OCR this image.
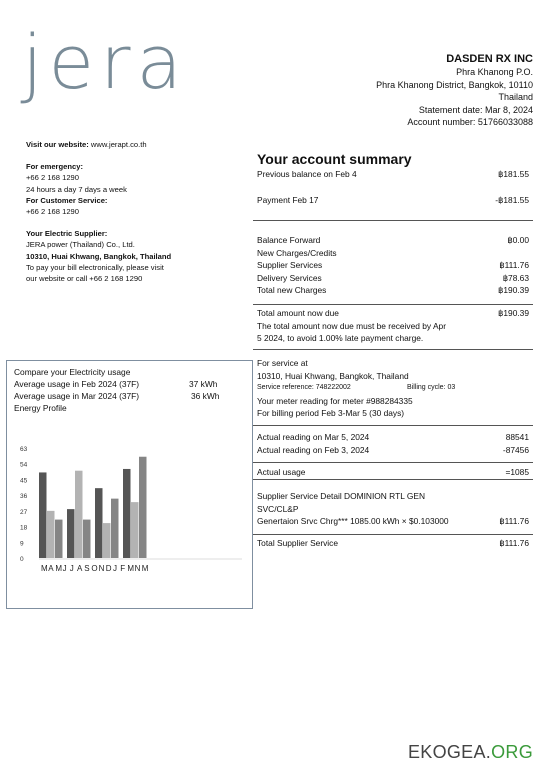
jera	DASDEN RX INC
Phra Khanong P.O.
Phra Khanong District, Bangkok, 10110
Thailand
Statement date: Mar 8, 2024
Account number: 51766033088
Visit our website: www.jerapt.co.th
For emergency:
+66 2 168 1290
24 hours a day 7 days a week
For Customer Service:
+66 2 168 1290
Your Electric Supplier:
JERA power (Thailand) Co., Ltd.
10310, Huai Khwang, Bangkok, Thailand
To pay your bill electronically, please visit
our website or call +66 2 168 1290
Your account summary
Previous balance on Feb 4	฿181.55
Payment Feb 17	-฿181.55
Balance Forward	฿0.00
New Charges/Credits
Supplier Services	฿111.76
Delivery Services	฿78.63
Total new Charges	฿190.39
Total amount now due	฿190.39
The total amount now due must be received by Apr
5 2024, to avoid 1.00% late payment charge.
For service at
10310, Huai Khwang, Bangkok, Thailand
Service reference: 748222002	Billing cycle: 03
Your meter reading for meter #988284335
For billing period Feb 3-Mar 5 (30 days)
Actual reading on Mar 5, 2024	88541
Actual reading on Feb 3, 2024	-87456
Actual usage	=1085
Supplier Service Detail DOMINION RTL GEN
SVC/CL&P
Genertaion Srvc Chrg*** 1085.00 kWh × $0.103000	฿111.76
Total Supplier Service	฿111.76
Compare your Electricity usage
Average usage in Feb 2024 (37F)	37 kWh
Average usage in Mar 2024 (37F)	36 kWh
Energy Profile
63
54
45
36
27
18
9
0
M A M J J A S O N D J F M N M
EKOGEA.ORG
